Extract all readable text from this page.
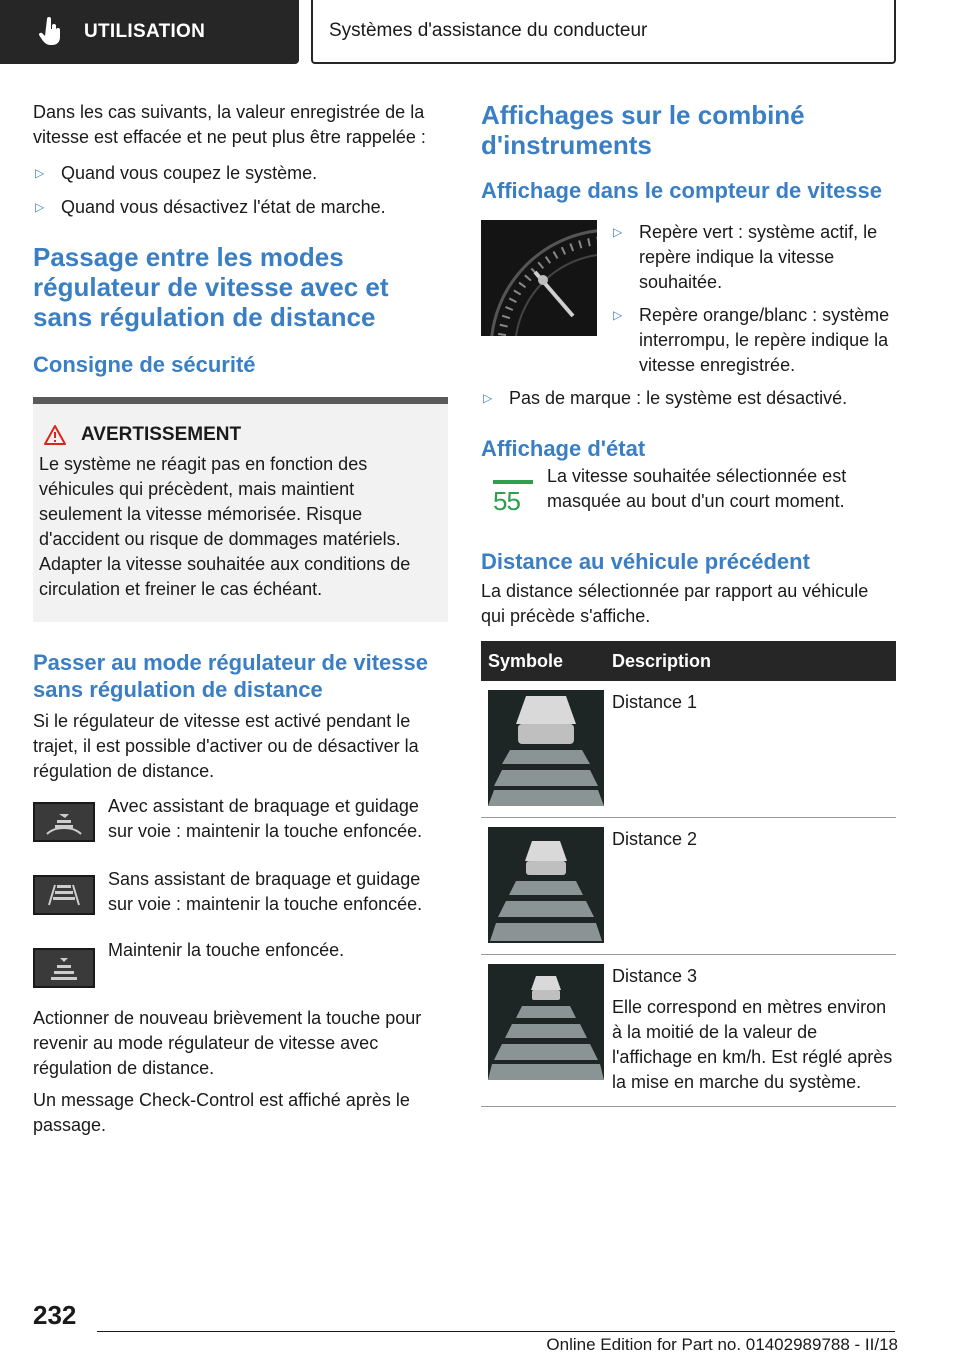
UTILISATION	Systèmes d'assistance du conducteur

Dans les cas suivants, la valeur enregistrée de la vitesse est effacée et ne peut plus être rappelée :

▷ Quand vous coupez le système.
▷ Quand vous désactivez l'état de marche.
Passage entre les modes régulateur de vitesse avec et sans régulation de distance
Consigne de sécurité
AVERTISSEMENT

Le système ne réagit pas en fonction des véhicules qui précèdent, mais maintient seulement la vitesse mémorisée. Risque d'accident ou risque de dommages matériels. Adapter la vitesse souhaitée aux conditions de circulation et freiner le cas échéant.

Passer au mode régulateur de vitesse sans régulation de distance

Si le régulateur de vitesse est activé pendant le trajet, il est possible d'activer ou de désactiver la régulation de distance.

Avec assistant de braquage et guidage sur voie : maintenir la touche enfoncée.

Sans assistant de braquage et guidage sur voie : maintenir la touche enfoncée.

Maintenir la touche enfoncée.

Actionner de nouveau brièvement la touche pour revenir au mode régulateur de vitesse avec régulation de distance.

Un message Check-Control est affiché après le passage.

Affichages sur le combiné d'instruments
Affichage dans le compteur de vitesse
▷ Repère vert : système actif, le repère indique la vitesse souhaitée.
▷ Repère orange/blanc : système interrompu, le repère indique la vitesse enregistrée.
▷ Pas de marque : le système est désactivé.
Affichage d'état
55

La vitesse souhaitée sélectionnée est masquée au bout d'un court moment.

Distance au véhicule précédent

La distance sélectionnée par rapport au véhicule qui précède s'affiche.

Symbole	Description

Distance 1

Distance 2

Distance 3

Elle correspond en mètres environ à la moitié de la valeur de l'affichage en km/h. Est réglé après la mise en marche du système.

232
Online Edition for Part no. 01402989788 - II/18
